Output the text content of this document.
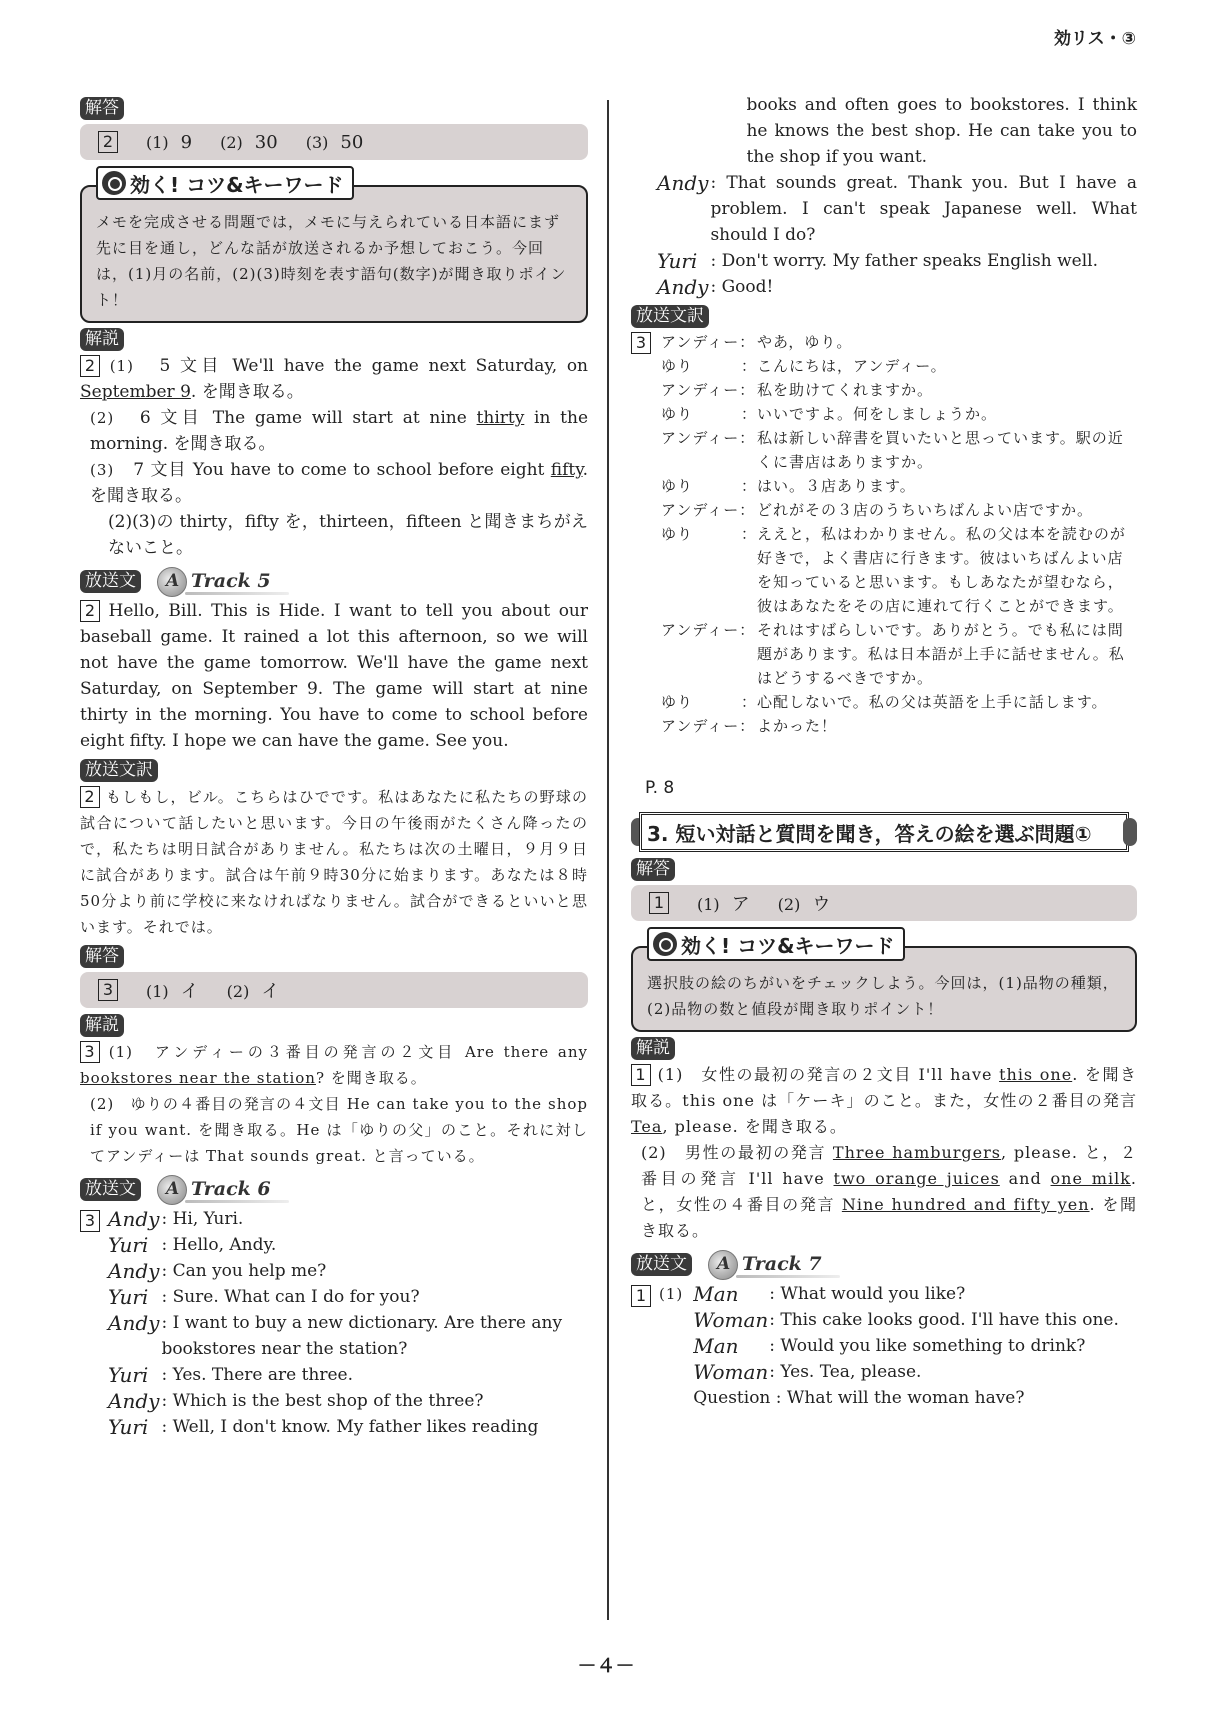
効リス・③
解答
2	(1) 9 (2) 30 (3) 50
効く! コツ&キーワード
メモを完成させる問題では，メモに与えられている日本語にまず先に目を通し，どんな話が放送されるか予想しておこう。今回は，(1)月の名前，(2)(3)時刻を表す語句(数字)が聞き取りポイント！
解説
2 (1)　 5 文目 We'll have the game next Saturday, on September 9. を聞き取る。
(2)　 6 文目 The game will start at nine thirty in the morning. を聞き取る。
(3)　 7 文目 You have to come to school before eight fifty. を聞き取る。
(2)(3)の thirty，fifty を，thirteen，fifteen と聞きまちがえないこと。
放送文 A	Track 5
2 Hello, Bill. This is Hide. I want to tell you about our baseball game. It rained a lot this afternoon, so we will not have the game tomorrow. We'll have the game next Saturday, on September 9. The game will start at nine thirty in the morning. You have to come to school before eight fifty. I hope we can have the game. See you.
放送文訳
2 もしもし，ビル。こちらはひでです。私はあなたに私たちの野球の試合について話したいと思います。今日の午後雨がたくさん降ったので，私たちは明日試合がありません。私たちは次の土曜日，９月９日に試合があります。試合は午前９時30分に始まります。あなたは８時50分より前に学校に来なければなりません。試合ができるといいと思います。それでは。
解答
3	(1) イ (2) イ
解説
3 (1)　 アンディーの３番目の発言の２文目 Are there any bookstores near the station? を聞き取る。
(2)　 ゆりの４番目の発言の４文目 He can take you to the shop if you want. を聞き取る。He は「ゆりの父」のこと。それに対してアンディーは That sounds great. と言っている。
放送文 A	Track 6
3 Andy : Hi, Yuri.
Yuri : Hello, Andy.
Andy : Can you help me?
Yuri : Sure. What can I do for you?
Andy : I want to buy a new dictionary. Are there any bookstores near the station?
Yuri : Yes. There are three.
Andy : Which is the best shop of the three?
Yuri : Well, I don't know. My father likes reading
books and often goes to bookstores. I think he knows the best shop. He can take you to the shop if you want.
Andy : That sounds great. Thank you. But I have a problem. I can't speak Japanese well. What should I do?
Yuri : Don't worry. My father speaks English well.
Andy : Good!
放送文訳
3 アンディー： やあ，ゆり。
ゆり　　　： こんにちは，アンディー。
アンディー： 私を助けてくれますか。
ゆり　　　： いいですよ。何をしましょうか。
アンディー： 私は新しい辞書を買いたいと思っています。駅の近くに書店はありますか。
ゆり　　　： はい。３店あります。
アンディー： どれがその３店のうちいちばんよい店ですか。
ゆり　　　： ええと，私はわかりません。私の父は本を読むのが好きで，よく書店に行きます。彼はいちばんよい店を知っていると思います。もしあなたが望むなら，彼はあなたをその店に連れて行くことができます。
アンディー： それはすばらしいです。ありがとう。でも私には問題があります。私は日本語が上手に話せません。私はどうするべきですか。
ゆり　　　： 心配しないで。私の父は英語を上手に話します。
アンディー： よかった！
P. 8
3. 短い対話と質問を聞き，答えの絵を選ぶ問題①
解答
1	(1) ア (2) ウ
効く! コツ&キーワード
選択肢の絵のちがいをチェックしよう。今回は，(1)品物の種類，(2)品物の数と値段が聞き取りポイント！
解説
1 (1)　 女性の最初の発言の２文目 I'll have this one. を聞き取る。this one は「ケーキ」のこと。また，女性の２番目の発言 Tea, please. を聞き取る。
(2)　 男性の最初の発言 Three hamburgers, please. と，２番目の発言 I'll have two orange juices and one milk. と，女性の４番目の発言 Nine hundred and fifty yen. を聞き取る。
放送文 A	Track 7
1 (1) Man	: What would you like?
Woman : This cake looks good. I'll have this one.
Man	: Would you like something to drink?
Woman : Yes. Tea, please.
Question : What will the woman have?
－４－
